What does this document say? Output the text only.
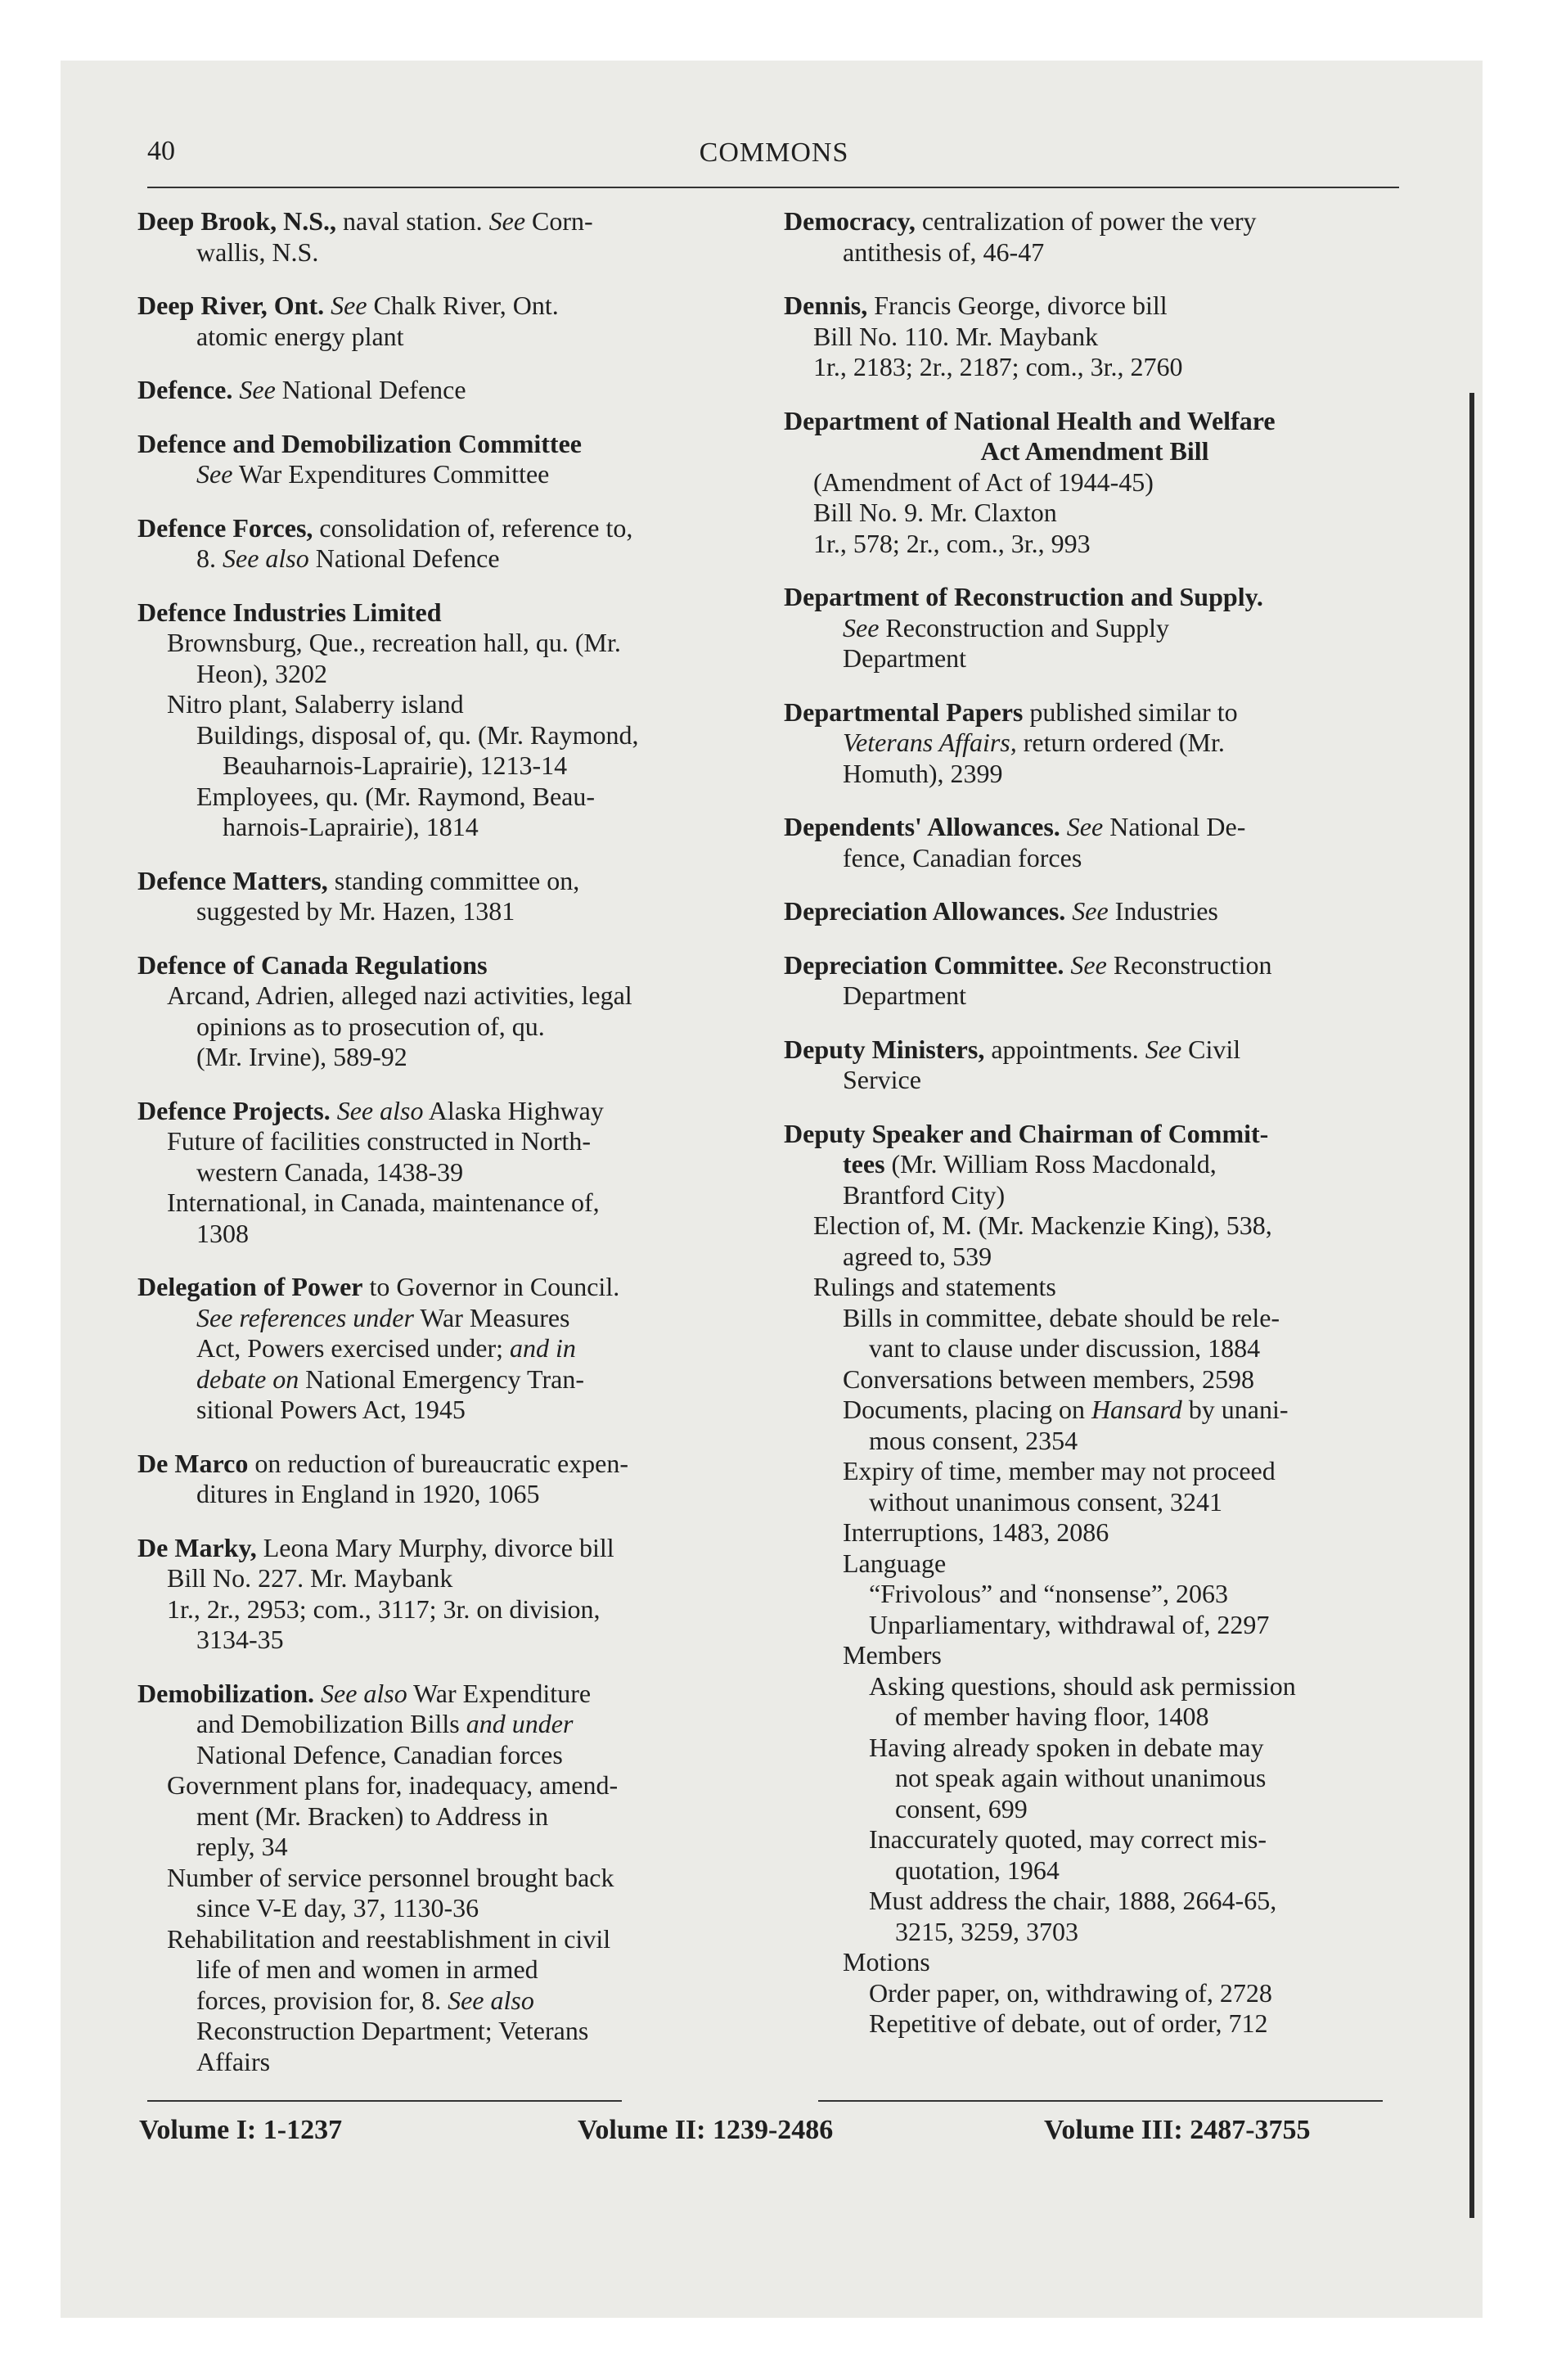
40	COMMONS
Deep Brook, N.S., naval station. See Corn-
wallis, N.S.
Deep River, Ont. See Chalk River, Ont.
atomic energy plant
Defence. See National Defence
Defence and Demobilization Committee
See War Expenditures Committee
Defence Forces, consolidation of, reference to,
8. See also National Defence
Defence Industries Limited
Brownsburg, Que., recreation hall, qu. (Mr.
Heon), 3202
Nitro plant, Salaberry island
Buildings, disposal of, qu. (Mr. Raymond,
Beauharnois-Laprairie), 1213-14
Employees, qu. (Mr. Raymond, Beau-
harnois-Laprairie), 1814
Defence Matters, standing committee on,
suggested by Mr. Hazen, 1381
Defence of Canada Regulations
Arcand, Adrien, alleged nazi activities, legal
opinions as to prosecution of, qu.
(Mr. Irvine), 589-92
Defence Projects. See also Alaska Highway
Future of facilities constructed in North-
western Canada, 1438-39
International, in Canada, maintenance of,
1308
Delegation of Power to Governor in Council.
See references under War Measures
Act, Powers exercised under; and in
debate on National Emergency Tran-
sitional Powers Act, 1945
De Marco on reduction of bureaucratic expen-
ditures in England in 1920, 1065
De Marky, Leona Mary Murphy, divorce bill
Bill No. 227. Mr. Maybank
1r., 2r., 2953; com., 3117; 3r. on division,
3134-35
Demobilization. See also War Expenditure
and Demobilization Bills and under
National Defence, Canadian forces
Government plans for, inadequacy, amend-
ment (Mr. Bracken) to Address in
reply, 34
Number of service personnel brought back
since V-E day, 37, 1130-36
Rehabilitation and reestablishment in civil
life of men and women in armed
forces, provision for, 8. See also
Reconstruction Department; Veterans
Affairs
Democracy, centralization of power the very
antithesis of, 46-47
Dennis, Francis George, divorce bill
Bill No. 110. Mr. Maybank
1r., 2183; 2r., 2187; com., 3r., 2760
Department of National Health and Welfare
Act Amendment Bill
(Amendment of Act of 1944-45)
Bill No. 9. Mr. Claxton
1r., 578; 2r., com., 3r., 993
Department of Reconstruction and Supply.
See Reconstruction and Supply
Department
Departmental Papers published similar to
Veterans Affairs, return ordered (Mr.
Homuth), 2399
Dependents' Allowances. See National De-
fence, Canadian forces
Depreciation Allowances. See Industries
Depreciation Committee. See Reconstruction
Department
Deputy Ministers, appointments. See Civil
Service
Deputy Speaker and Chairman of Commit-
tees (Mr. William Ross Macdonald,
Brantford City)
Election of, M. (Mr. Mackenzie King), 538,
agreed to, 539
Rulings and statements
Bills in committee, debate should be rele-
vant to clause under discussion, 1884
Conversations between members, 2598
Documents, placing on Hansard by unani-
mous consent, 2354
Expiry of time, member may not proceed
without unanimous consent, 3241
Interruptions, 1483, 2086
Language
“Frivolous” and “nonsense”, 2063
Unparliamentary, withdrawal of, 2297
Members
Asking questions, should ask permission
of member having floor, 1408
Having already spoken in debate may
not speak again without unanimous
consent, 699
Inaccurately quoted, may correct mis-
quotation, 1964
Must address the chair, 1888, 2664-65,
3215, 3259, 3703
Motions
Order paper, on, withdrawing of, 2728
Repetitive of debate, out of order, 712
Volume I: 1-1237	Volume II: 1239-2486	Volume III: 2487-3755
